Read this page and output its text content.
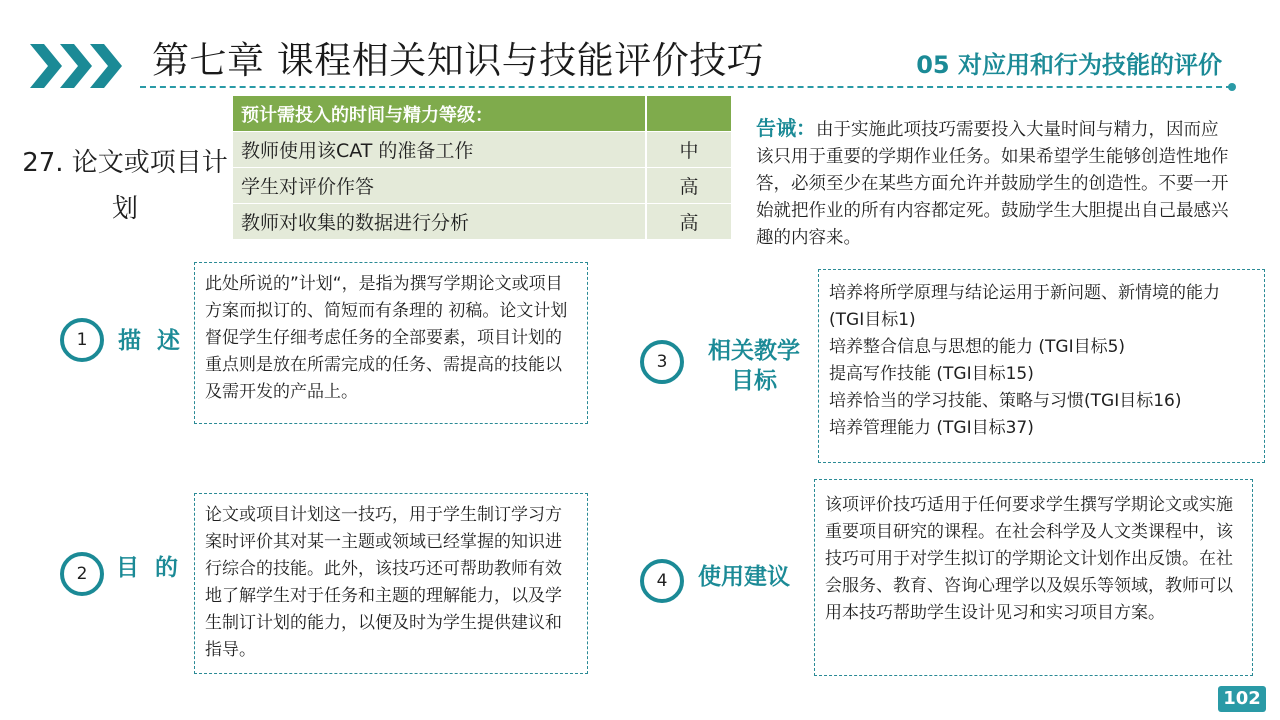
第七章 课程相关知识与技能评价技巧	05 对应用和行为技能的评价
27. 论文或项目计划
预计需投入的时间与精力等级：	
教师使用该CAT 的准备工作	中
学生对评价作答	高
教师对收集的数据进行分析	高
告诫：由于实施此项技巧需要投入大量时间与精力，因而应该只用于重要的学期作业任务。如果希望学生能够创造性地作答，必须至少在某些方面允许并鼓励学生的创造性。不要一开始就把作业的所有内容都定死。鼓励学生大胆提出自己最感兴趣的内容来。
1	描 述
此处所说的”计划“，是指为撰写学期论文或项目方案而拟订的、简短而有条理的 初稿。论文计划督促学生仔细考虑任务的全部要素，项目计划的重点则是放在所需完成的任务、需提高的技能以及需开发的产品上。
2	目 的
论文或项目计划这一技巧，用于学生制订学习方案时评价其对某一主题或领域已经掌握的知识进行综合的技能。此外，该技巧还可帮助教师有效地了解学生对于任务和主题的理解能力，以及学生制订计划的能力，以便及时为学生提供建议和指导。
3	相关教学
目标
培养将所学原理与结论运用于新问题、新情境的能力(TGI目标1)
培养整合信息与思想的能力 (TGI目标5)
提高写作技能 (TGI目标15)
培养恰当的学习技能、策略与习惯(TGI目标16)
培养管理能力 (TGI目标37)
4	使用建议
该项评价技巧适用于任何要求学生撰写学期论文或实施重要项目研究的课程。在社会科学及人文类课程中，该技巧可用于对学生拟订的学期论文计划作出反馈。在社会服务、教育、咨询心理学以及娱乐等领域，教师可以用本技巧帮助学生设计见习和实习项目方案。
102
